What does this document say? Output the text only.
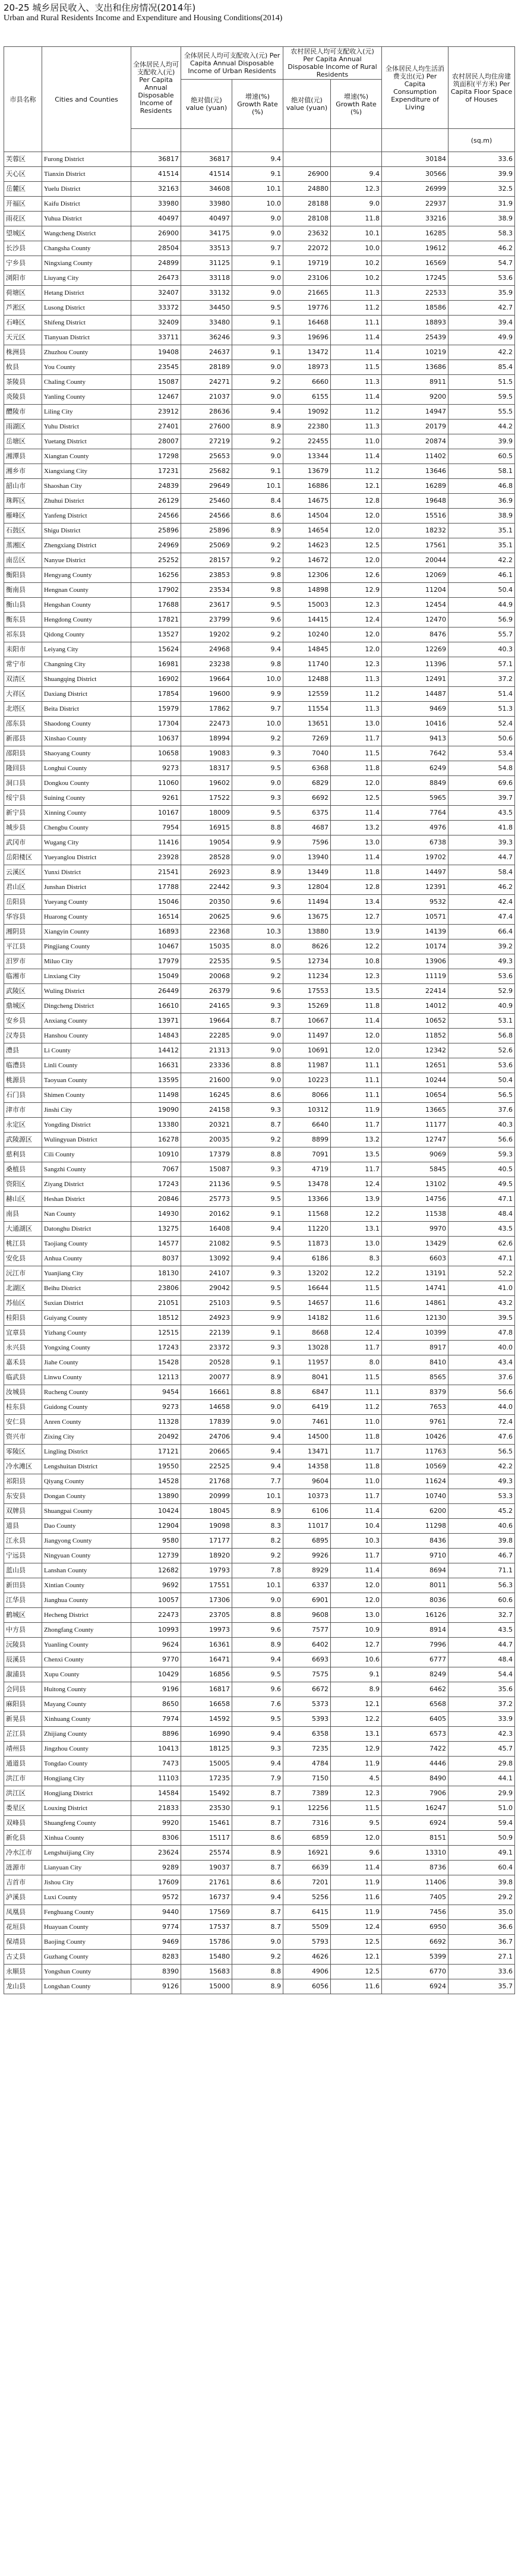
20-25 城乡居民收入、支出和住房情况(2014年)
Urban and Rural Residents Income and Expenditure and Housing Conditions(2014)
市县名称	Cities and Counties	全体居民人均可支配收入(元) Per Capita Annual Disposable Income of Residents	全体居民人均可支配收入(元) Per Capita Annual Disposable Income of Urban Residents		农村居民人均可支配收入(元) Per Capita Annual Disposable Income of Rural Residents		全体居民人均生活消费支出(元) Per Capita Consumption Expenditure of Living	农村居民人均住房建筑面积(平方米) Per Capita Floor Space of Houses
			绝对值(元) value (yuan)	增速(%) Growth Rate (%)	绝对值(元) value (yuan)	增速(%) Growth Rate (%)		
								(sq.m)
芙蓉区	Furong District	36817	36817	9.4			30184	33.6
天心区	Tianxin District	41514	41514	9.1	26900	9.4	30566	39.9
岳麓区	Yuelu District	32163	34608	10.1	24880	12.3	26999	32.5
开福区	Kaifu District	33980	33980	10.0	28188	9.0	22937	31.9
雨花区	Yuhua District	40497	40497	9.0	28108	11.8	33216	38.9
望城区	Wangcheng District	26900	34175	9.0	23632	10.1	16285	58.3
长沙县	Changsha County	28504	33513	9.7	22072	10.0	19612	46.2
宁乡县	Ningxiang County	24899	31125	9.1	19719	10.2	16569	54.7
浏阳市	Liuyang City	26473	33118	9.0	23106	10.2	17245	53.6
荷塘区	Hetang District	32407	33132	9.0	21665	11.3	22533	35.9
芦淞区	Lusong District	33372	34450	9.5	19776	11.2	18586	42.7
石峰区	Shifeng District	32409	33480	9.1	16468	11.1	18893	39.4
天元区	Tianyuan District	33711	36246	9.3	19696	11.4	25439	49.9
株洲县	Zhuzhou County	19408	24637	9.1	13472	11.4	10219	42.2
攸县	You County	23545	28189	9.0	18973	11.5	13686	85.4
茶陵县	Chaling County	15087	24271	9.2	6660	11.3	8911	51.5
炎陵县	Yanling County	12467	21037	9.0	6155	11.4	9200	59.5
醴陵市	Liling City	23912	28636	9.4	19092	11.2	14947	55.5
雨湖区	Yuhu District	27401	27600	8.9	22380	11.3	20179	44.2
岳塘区	Yuetang District	28007	27219	9.2	22455	11.0	20874	39.9
湘潭县	Xiangtan County	17298	25653	9.0	13344	11.4	11402	60.5
湘乡市	Xiangxiang City	17231	25682	9.1	13679	11.2	13646	58.1
韶山市	Shaoshan City	24839	29649	10.1	16886	12.1	16289	46.8
珠晖区	Zhuhui District	26129	25460	8.4	14675	12.8	19648	36.9
雁峰区	Yanfeng District	24566	24566	8.6	14504	12.0	15516	38.9
石鼓区	Shigu District	25896	25896	8.9	14654	12.0	18232	35.1
蒸湘区	Zhengxiang District	24969	25069	9.2	14623	12.5	17561	35.1
南岳区	Nanyue District	25252	28157	9.2	14672	12.0	20044	42.2
衡阳县	Hengyang County	16256	23853	9.8	12306	12.6	12069	46.1
衡南县	Hengnan County	17902	23534	9.8	14898	12.9	11204	50.4
衡山县	Hengshan County	17688	23617	9.5	15003	12.3	12454	44.9
衡东县	Hengdong County	17821	23799	9.6	14415	12.4	12470	56.9
祁东县	Qidong County	13527	19202	9.2	10240	12.0	8476	55.7
耒阳市	Leiyang City	15624	24968	9.4	14845	12.0	12269	40.3
常宁市	Changning City	16981	23238	9.8	11740	12.3	11396	57.1
双清区	Shuangqing District	16902	19664	10.0	12488	11.3	12491	37.2
大祥区	Daxiang District	17854	19600	9.9	12559	11.2	14487	51.4
北塔区	Beita District	15979	17862	9.7	11554	11.3	9469	51.3
邵东县	Shaodong County	17304	22473	10.0	13651	13.0	10416	52.4
新邵县	Xinshao County	10637	18994	9.2	7269	11.7	9413	50.6
邵阳县	Shaoyang County	10658	19083	9.3	7040	11.5	7642	53.4
隆回县	Longhui County	9273	18317	9.5	6368	11.8	6249	54.8
洞口县	Dongkou County	11060	19602	9.0	6829	12.0	8849	69.6
绥宁县	Suining County	9261	17522	9.3	6692	12.5	5965	39.7
新宁县	Xinning County	10167	18009	9.5	6375	11.4	7764	43.5
城步县	Chengbu County	7954	16915	8.8	4687	13.2	4976	41.8
武冈市	Wugang City	11416	19054	9.9	7596	13.0	6738	39.3
岳阳楼区	Yueyanglou District	23928	28528	9.0	13940	11.4	19702	44.7
云溪区	Yunxi District	21541	26923	8.9	13449	11.8	14497	58.4
君山区	Junshan District	17788	22442	9.3	12804	12.8	12391	46.2
岳阳县	Yueyang County	15046	20350	9.6	11494	13.4	9532	42.4
华容县	Huarong County	16514	20625	9.6	13675	12.7	10571	47.4
湘阴县	Xiangyin County	16893	22368	10.3	13880	13.9	14139	66.4
平江县	Pingjiang County	10467	15035	8.0	8626	12.2	10174	39.2
汨罗市	Miluo City	17979	22535	9.5	12734	10.8	13906	49.3
临湘市	Linxiang City	15049	20068	9.2	11234	12.3	11119	53.6
武陵区	Wuling District	26449	26379	9.6	17553	13.5	22414	52.9
鼎城区	Dingcheng District	16610	24165	9.3	15269	11.8	14012	40.9
安乡县	Anxiang County	13971	19664	8.7	10667	11.4	10652	53.1
汉寿县	Hanshou County	14843	22285	9.0	11497	12.0	11852	56.8
澧县	Li County	14412	21313	9.0	10691	12.0	12342	52.6
临澧县	Linli County	16631	23336	8.8	11987	11.1	12651	53.6
桃源县	Taoyuan County	13595	21600	9.0	10223	11.1	10244	50.4
石门县	Shimen County	11498	16245	8.6	8066	11.1	10654	56.5
津市市	Jinshi City	19090	24158	9.3	10312	11.9	13665	37.6
永定区	Yongding District	13380	20321	8.7	6640	11.7	11177	40.3
武陵源区	Wulingyuan District	16278	20035	9.2	8899	13.2	12747	56.6
慈利县	Cili County	10910	17379	8.8	7091	13.5	9069	59.3
桑植县	Sangzhi County	7067	15087	9.3	4719	11.7	5845	40.5
资阳区	Ziyang District	17243	21136	9.5	13478	12.4	13102	49.5
赫山区	Heshan District	20846	25773	9.5	13366	13.9	14756	47.1
南县	Nan County	14930	20162	9.1	11568	12.2	11538	48.4
大通湖区	Datonghu District	13275	16408	9.4	11220	13.1	9970	43.5
桃江县	Taojiang County	14577	21082	9.5	11873	13.0	13429	62.6
安化县	Anhua County	8037	13092	9.4	6186	8.3	6603	47.1
沅江市	Yuanjiang City	18130	24107	9.3	13202	12.2	13191	52.2
北湖区	Beihu District	23806	29042	9.5	16644	11.5	14741	41.0
苏仙区	Suxian District	21051	25103	9.5	14657	11.6	14861	43.2
桂阳县	Guiyang County	18512	24923	9.9	14182	11.6	12130	39.5
宜章县	Yizhang County	12515	22139	9.1	8668	12.4	10399	47.8
永兴县	Yongxing County	17243	23372	9.3	13028	11.7	8917	40.0
嘉禾县	Jiahe County	15428	20528	9.1	11957	8.0	8410	43.4
临武县	Linwu County	12113	20077	8.9	8041	11.5	8565	37.6
汝城县	Rucheng County	9454	16661	8.8	6847	11.1	8379	56.6
桂东县	Guidong County	9273	14658	9.0	6419	11.2	7653	44.0
安仁县	Anren County	11328	17839	9.0	7461	11.0	9761	72.4
资兴市	Zixing City	20492	24706	9.4	14500	11.8	10426	47.6
零陵区	Lingling District	17121	20665	9.4	13471	11.7	11763	56.5
冷水滩区	Lengshuitan District	19550	22525	9.4	14358	11.8	10569	42.2
祁阳县	Qiyang County	14528	21768	7.7	9604	11.0	11624	49.3
东安县	Dongan County	13890	20999	10.1	10373	11.7	10740	53.3
双牌县	Shuangpai County	10424	18045	8.9	6106	11.4	6200	45.2
道县	Dao County	12904	19098	8.3	11017	10.4	11298	40.6
江永县	Jiangyong County	9580	17177	8.2	6895	10.3	8436	39.8
宁远县	Ningyuan County	12739	18920	9.2	9926	11.7	9710	46.7
蓝山县	Lanshan County	12682	19793	7.8	8929	11.4	8694	71.1
新田县	Xintian County	9692	17551	10.1	6337	12.0	8011	56.3
江华县	Jianghua County	10057	17306	9.0	6901	12.0	8036	60.6
鹤城区	Hecheng District	22473	23705	8.8	9608	13.0	16126	32.7
中方县	Zhongfang County	10993	19973	9.6	7577	10.9	8914	43.5
沅陵县	Yuanling County	9624	16361	8.9	6402	12.7	7996	44.7
辰溪县	Chenxi County	9770	16471	9.4	6693	10.6	6777	48.4
溆浦县	Xupu County	10429	16856	9.5	7575	9.1	8249	54.4
会同县	Huitong County	9196	16817	9.6	6672	8.9	6462	35.6
麻阳县	Mayang County	8650	16658	7.6	5373	12.1	6568	37.2
新晃县	Xinhuang County	7974	14592	9.5	5393	12.2	6405	33.9
芷江县	Zhijiang County	8896	16990	9.4	6358	13.1	6573	42.3
靖州县	Jingzhou County	10413	18125	9.3	7235	12.9	7422	45.7
通道县	Tongdao County	7473	15005	9.4	4784	11.9	4446	29.8
洪江市	Hongjiang City	11103	17235	7.9	7150	4.5	8490	44.1
洪江区	Hongjiang District	14584	15492	8.7	7389	12.3	7906	29.9
娄星区	Louxing District	21833	23530	9.1	12256	11.5	16247	51.0
双峰县	Shuangfeng County	9920	15461	8.7	7316	9.5	6924	59.4
新化县	Xinhua County	8306	15117	8.6	6859	12.0	8151	50.9
冷水江市	Lengshuijiang City	23624	25574	8.9	16921	9.6	13310	49.1
涟源市	Lianyuan City	9289	19037	8.7	6639	11.4	8736	60.4
吉首市	Jishou City	17609	21761	8.6	7201	11.9	11406	39.8
泸溪县	Luxi County	9572	16737	9.4	5256	11.6	7405	29.2
凤凰县	Fenghuang County	9440	17569	8.7	6415	11.9	7456	35.0
花垣县	Huayuan County	9774	17537	8.7	5509	12.4	6950	36.6
保靖县	Baojing County	9469	15786	9.0	5793	12.5	6692	36.7
古丈县	Guzhang County	8283	15480	9.2	4626	12.1	5399	27.1
永顺县	Yongshun County	8390	15683	8.8	4906	12.5	6770	33.6
龙山县	Longshan County	9126	15000	8.9	6056	11.6	6924	35.7
